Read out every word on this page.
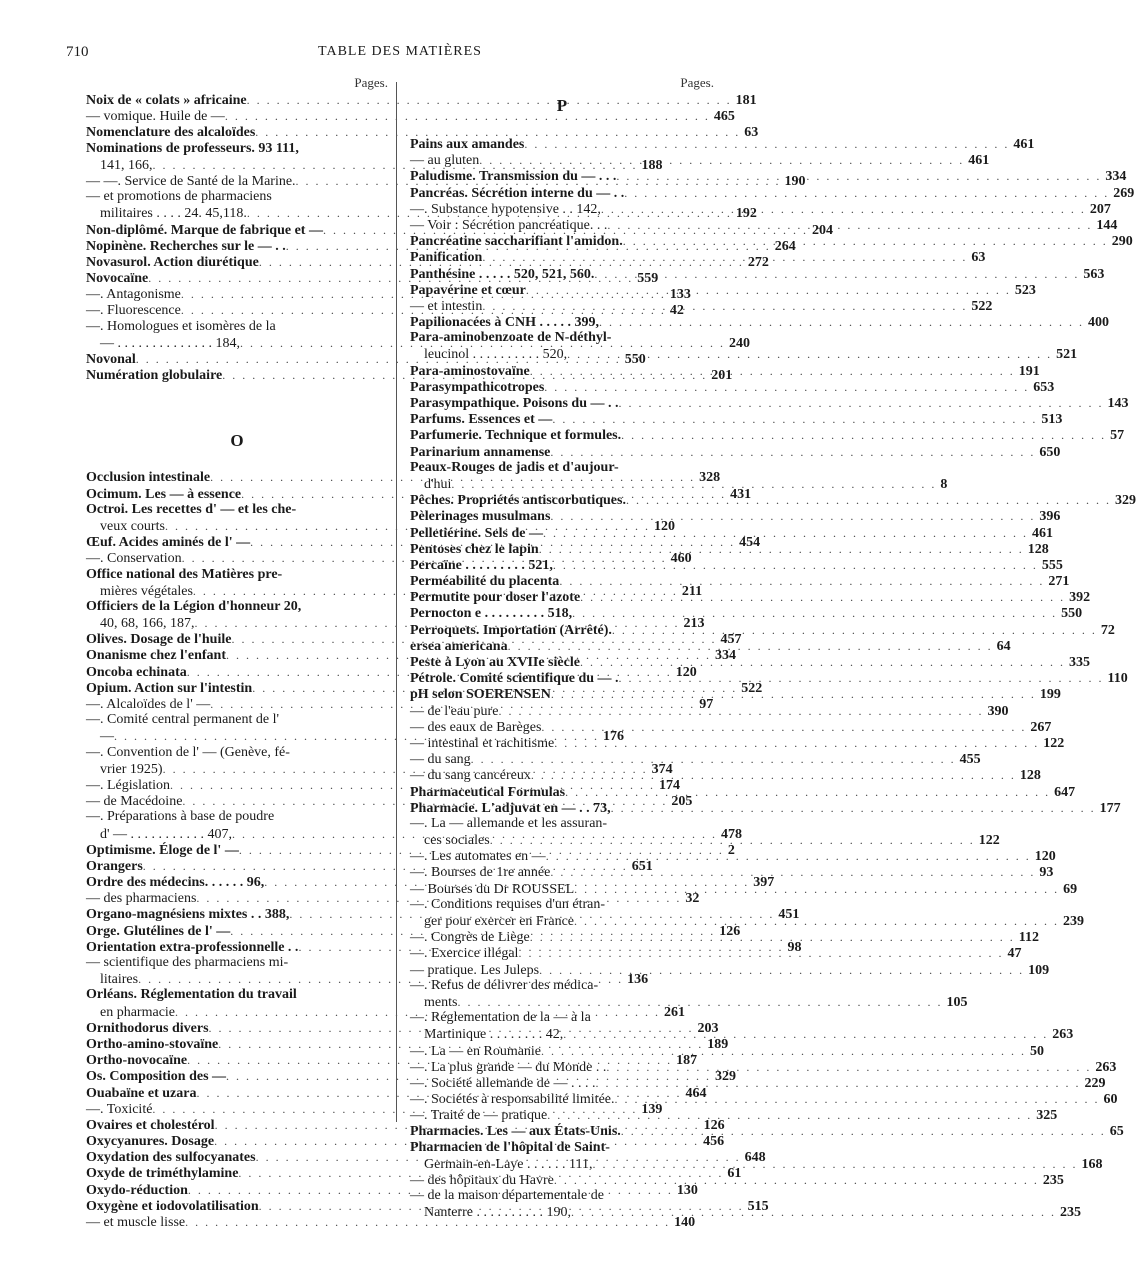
710	TABLE DES MATIÈRES
Pages.
Noix de « colats » africaine . . .	181
— vomique. Huile de — . . .	465
Nomenclature des alcaloïdes . . .	63
Nominations de professeurs. 93 111,
141, 166, . . .	188
— —. Service de Santé de la Marine. . . .	190
— et promotions de pharmaciens
militaires . . . . 24. 45,118. . . .	192
Non-diplômé. Marque de fabrique et — . . .	204
Nopinène. Recherches sur le — . . . . .	264
Novasurol. Action diurétique . . .	272
Novocaïne . . .	559
—. Antagonisme . . .	133
—. Fluorescence . . .	42
—. Homologues et isomères de la
— . . . . . . . . . . . . . . 184, . . .	240
Novonal . . .	550
Numération globulaire . . .	201
O
Occlusion intestinale . . .	328
Ocimum. Les — à essence . . .	431
Octroi. Les recettes d' — et les che-
veux courts . . .	120
Œuf. Acides aminés de l' — . . .	454
—. Conservation . . .	460
Office national des Matières pre-
mières végétales . . .	211
Officiers de la Légion d'honneur 20,
40, 68, 166, 187, . . .	213
Olives. Dosage de l'huile . . .	457
Onanisme chez l'enfant . . .	334
Oncoba echinata . . .	120
Opium. Action sur l'intestin . . .	522
—. Alcaloïdes de l' — . . .	97
—. Comité central permanent de l'
— . . .	176
—. Convention de l' — (Genève, fé-
vrier 1925) . . .	374
—. Législation . . .	174
— de Macédoine . . .	205
—. Préparations à base de poudre
d' — . . . . . . . . . . . 407, . . .	478
Optimisme. Éloge de l' — . . .	2
Orangers . . .	651
Ordre des médecins. . . . . . 96, . . .	397
— des pharmaciens . . .	32
Organo-magnésiens mixtes . . 388, . . .	451
Orge. Glutélines de l' — . . .	126
Orientation extra-professionnelle . . . . .	98
— scientifique des pharmaciens mi-
litaires . . .	136
Orléans. Réglementation du travail
en pharmacie . . .	261
Ornithodorus divers . . .	203
Ortho-amino-stovaïne . . .	189
Ortho-novocaïne . . .	187
Os. Composition des — . . .	329
Ouabaïne et uzara . . .	464
—. Toxicité . . .	139
Ovaires et cholestérol . . .	126
Oxycyanures. Dosage . . .	456
Oxydation des sulfocyanates . . .	648
Oxyde de triméthylamine . . .	61
Oxydo-réduction . . .	130
Oxygène et iodovolatilisation . . .	515
— et muscle lisse . . .	140
Pages.
P
Pains aux amandes . . .	461
— au gluten . . .	461
Paludisme. Transmission du — . . . . . .	334
Pancréas. Sécrétion interne du — . . . . .	269
—. Substance hypotensive . . 142, . . .	207
— Voir : Sécrétion pancréatique. . . . . .	144
Pancréatine saccharifiant l'amidon. . . .	290
Panification . . .	63
Panthésine . . . . . 520, 521, 560. . . .	563
Papavérine et cœur . . .	523
— et intestin . . .	522
Papilionacées à CNH . . . . . 399, . . .	400
Para-aminobenzoate de N-déthyl-
leucinol . . . . . . . . . . 520, . . .	521
Para-aminostovaïne . . .	191
Parasympathicotropes . . .	653
Parasympathique. Poisons du — . . . . .	143
Parfums. Essences et — . . .	513
Parfumerie. Technique et formules. . . .	57
Parinarium annamense . . .	650
Peaux-Rouges de jadis et d'aujour-
d'hui . . .	8
Pêches. Propriétés antiscorbutiques. . . .	329
Pèlerinages musulmans . . .	396
Pelletiérine. Sels de — . . .	461
Pentoses chez le lapin . . .	128
Percaïne . . . . . . . . . 521, . . .	555
Perméabilité du placenta . . .	271
Permutite pour doser l'azote . . .	392
Pernocton e . . . . . . . . . 518, . . .	550
Perroquets. Importation (Arrêté). . . .	72
ersea americana . . .	64
Peste à Lyon au XVIIe siècle . . .	335
Pétrole. Comité scientifique du — . . . .	110
pH selon SOERENSEN . . .	199
— de l'eau pure . . .	390
— des eaux de Barèges . . .	267
— intestinal et rachitisme . . .	122
— du sang . . .	455
— du sang cancéreux . . .	128
Pharmaceutical Formulas . . .	647
Pharmacie. L'adjuvat en — . . 73, . . .	177
—. La — allemande et les assuran-
ces sociales . . .	122
—. Les automates en — . . .	120
—. Bourses de 1re année . . .	93
— Bourses du Dr ROUSSEL . . .	69
—. Conditions requises d'un étran-
ger pour exercer en France . . .	239
—. Congrès de Liège . . .	112
—. Exercice illégal . . .	47
— pratique. Les Juleps . . .	109
—. Refus de délivrer des médica-
ments . . .	105
—. Réglementation de la — à la
Martinique . . . . . . . . 42, . . .	263
—. La — en Roumanie . . .	50
—. La plus grande — du Monde . . . . .	263
—. Société allemande de — . . . . . . .	229
—. Sociétés à responsabilité limitée. . . .	60
—. Traité de — pratique . . .	325
Pharmacies. Les — aux États-Unis. . . .	65
Pharmacien de l'hôpital de Saint-
Germain-en-Laye . . . . . . 111, . . .	168
— des hôpitaux du Havre . . .	235
— de la maison départementale de
Nanterre . . . . . . . . . . 190, . . .	235
